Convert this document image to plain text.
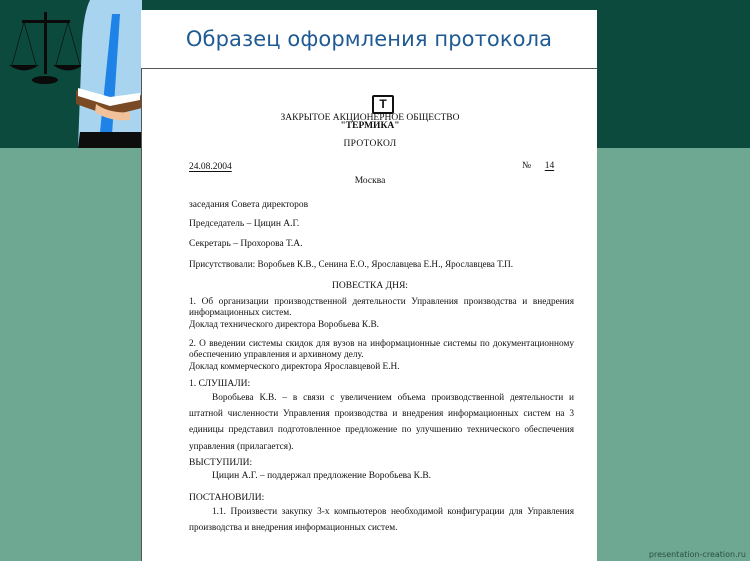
Образец оформления протокола
Т
ЗАКРЫТОЕ АКЦИОНЕРНОЕ ОБЩЕСТВО
"ТЕРМИКА"
ПРОТОКОЛ
24.08.2004	№ 14
Москва
заседания Совета директоров
Председатель – Цицин А.Г.
Секретарь – Прохорова Т.А.
Присутствовали: Воробьев К.В., Сенина Е.О., Ярославцева Е.Н., Ярославцева Т.П.
ПОВЕСТКА ДНЯ:
1. Об организации производственной деятельности Управления производства и внедрения информационных систем.
Доклад технического директора Воробьева К.В.
2. О введении системы скидок для вузов на информационные системы по документационному обеспечению управления и архивному делу.
Доклад коммерческого директора Ярославцевой Е.Н.
1. СЛУШАЛИ:
Воробьева К.В. – в связи с увеличением объема производственной деятельности и штатной численности Управления производства и внедрения информационных систем на 3 единицы представил подготовленное предложение по улучшению технического обеспечения управления (прилагается).
ВЫСТУПИЛИ:
Цицин А.Г. – поддержал предложение Воробьева К.В.
ПОСТАНОВИЛИ:
1.1. Произвести закупку 3-х компьютеров необходимой конфигурации для Управления производства и внедрения информационных систем.
presentation-creation.ru
